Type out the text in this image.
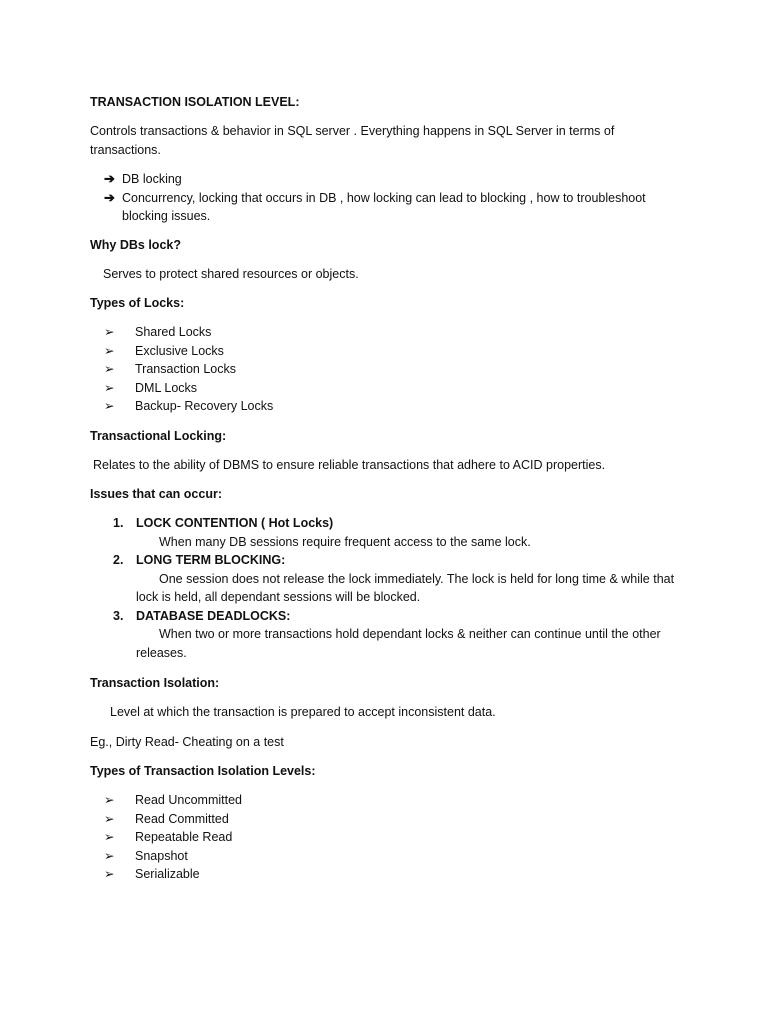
TRANSACTION ISOLATION LEVEL:

Controls transactions & behavior in SQL server . Everything happens in SQL Server in terms of transactions.

➔ DB locking
➔ Concurrency, locking that occurs in DB , how locking can lead to blocking , how to troubleshoot blocking issues.

Why DBs lock?

Serves to protect shared resources or objects.

Types of Locks:

➢	Shared Locks
➢	Exclusive Locks
➢	Transaction Locks
➢	DML Locks
➢	Backup- Recovery Locks

Transactional Locking:

Relates to the ability of DBMS to ensure reliable transactions that adhere to ACID properties.

Issues that can occur:

1. LOCK CONTENTION ( Hot Locks)
When many DB sessions require frequent access to the same lock.
2. LONG TERM BLOCKING:
One session does not release the lock immediately. The lock is held for long time & while that lock is held, all dependant sessions will be blocked.
3. DATABASE DEADLOCKS:
When two or more transactions hold dependant locks & neither can continue until the other releases.

Transaction Isolation:

Level at which the transaction is prepared to accept inconsistent data.

Eg., Dirty Read- Cheating on a test

Types of Transaction Isolation Levels:

➢	Read Uncommitted
➢	Read Committed
➢	Repeatable Read
➢	Snapshot
➢	Serializable
